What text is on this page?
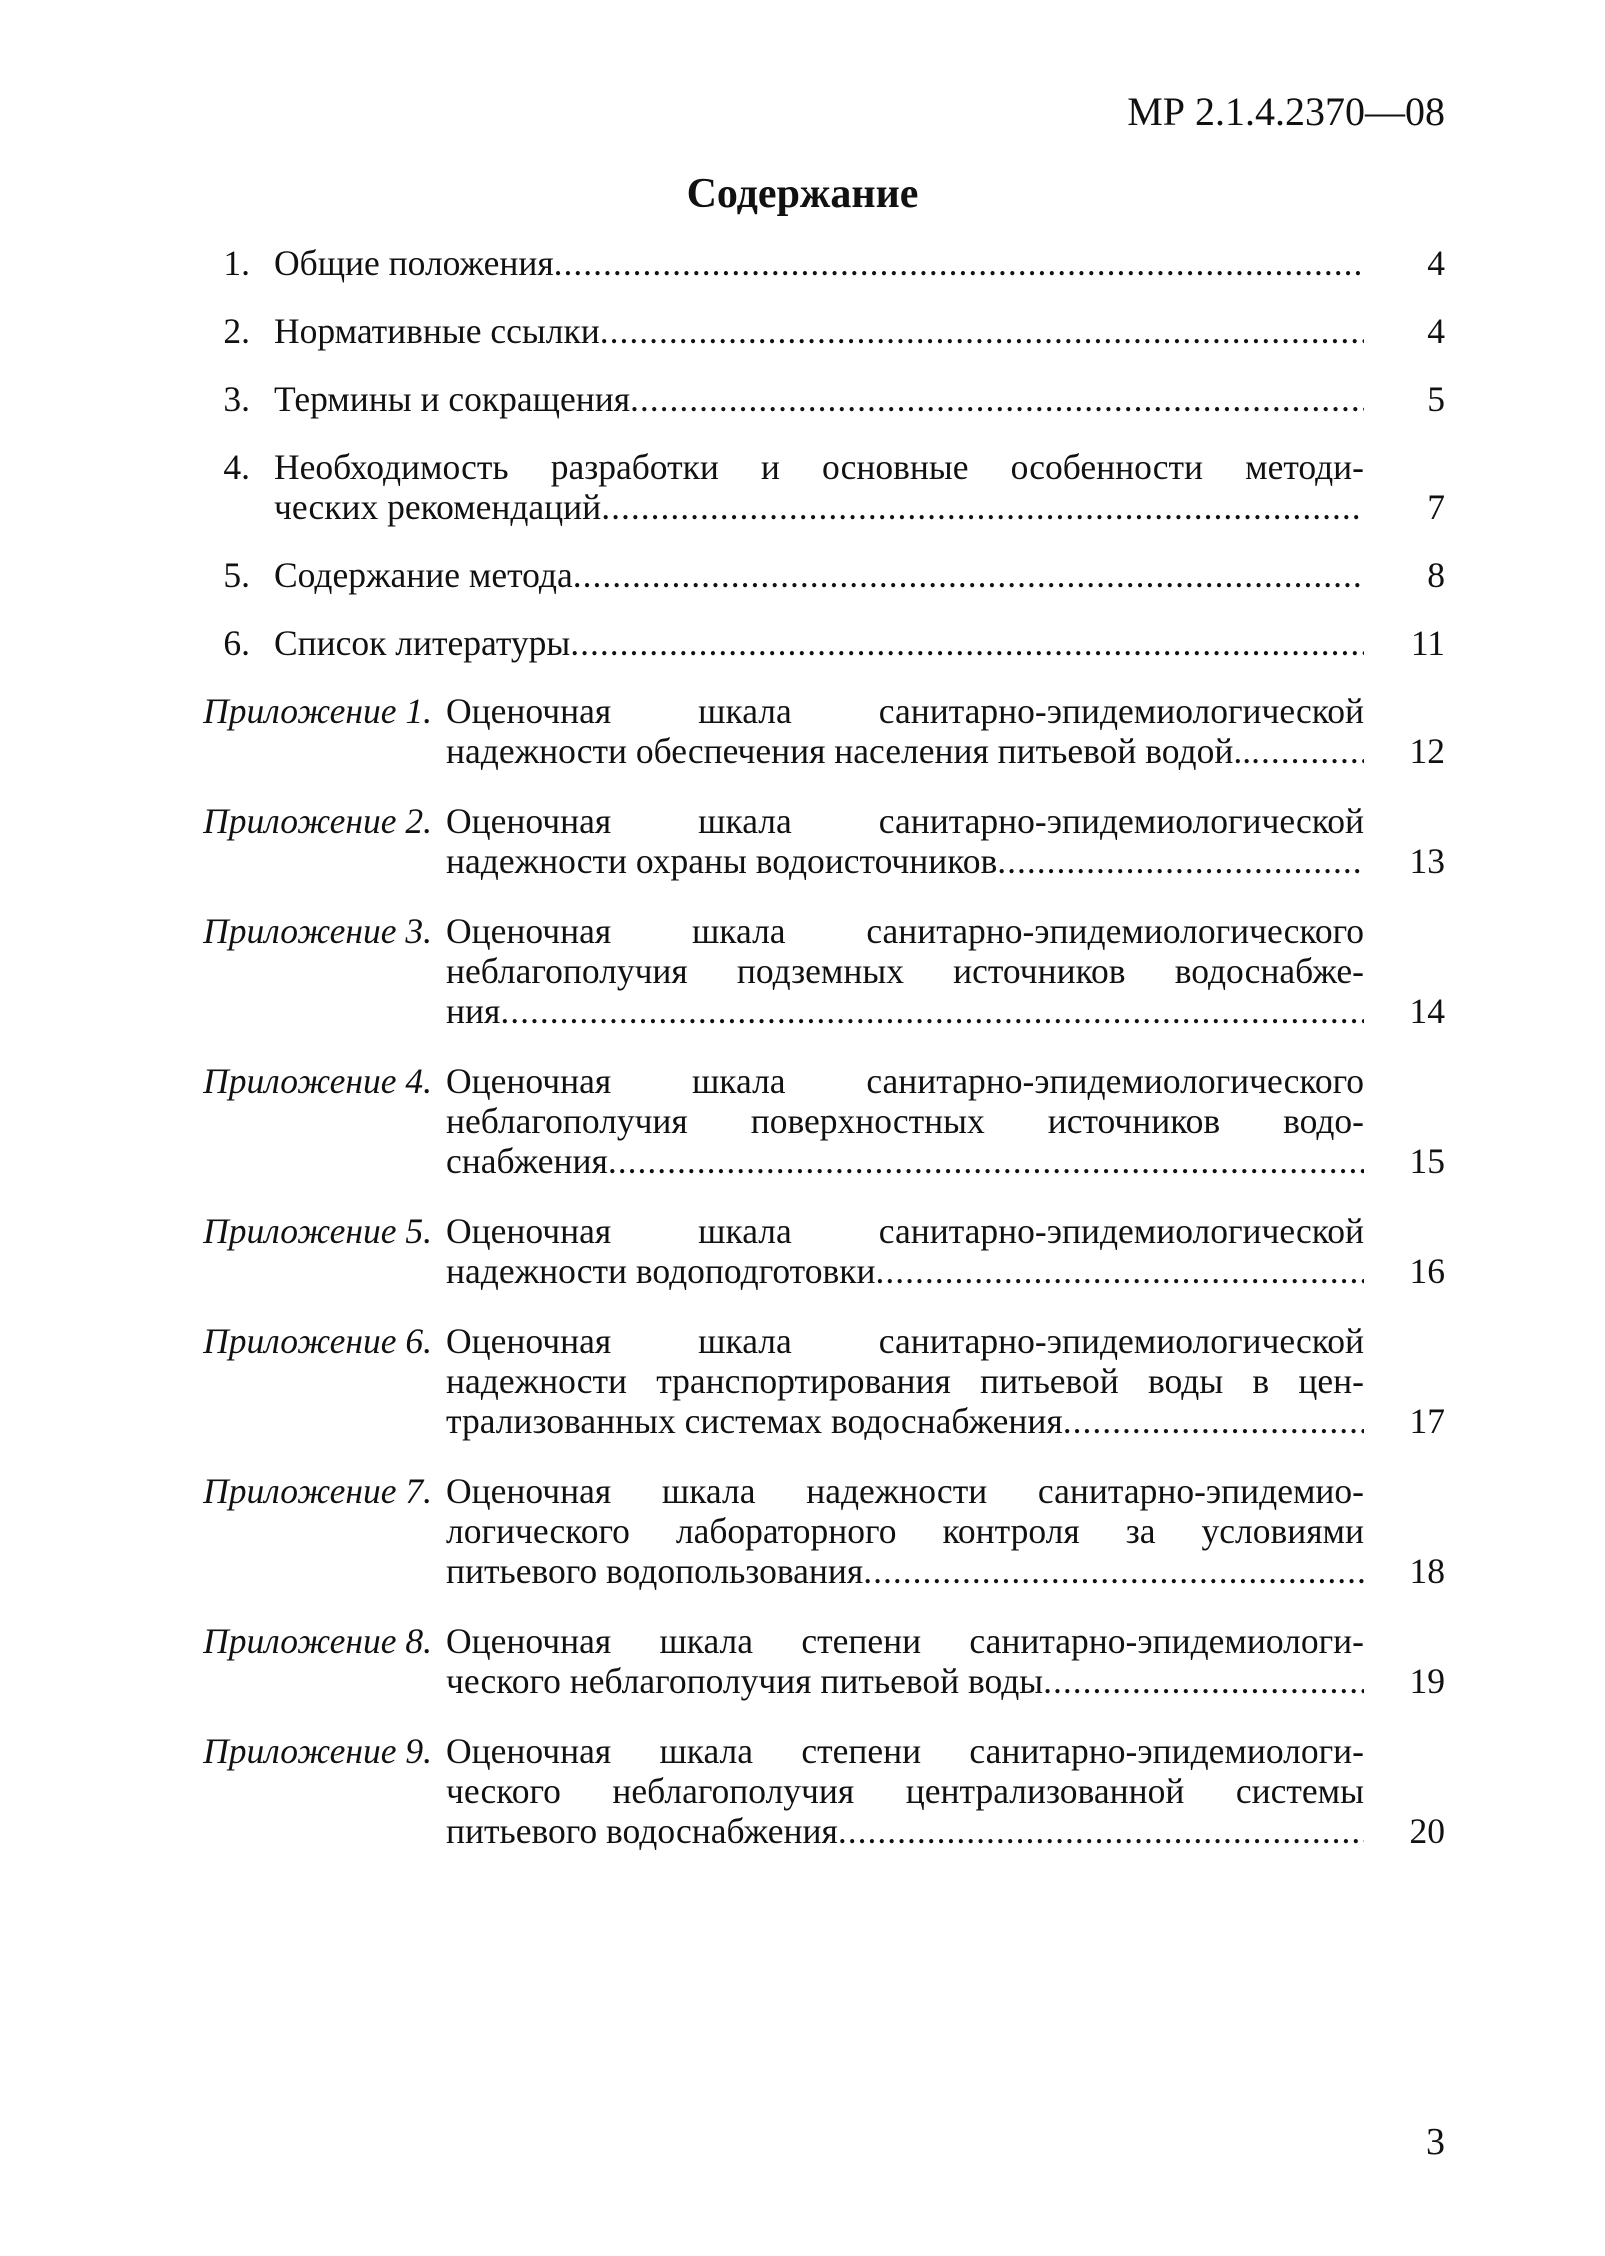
МР 2.1.4.2370—08
Содержание
1. Общие положения .....	4
2. Нормативные ссылки .....	4
3. Термины и сокращения .....	5
4. Необходимость разработки и основные особенности методи-
ческих рекомендаций .....	7
5. Содержание метода .....	8
6. Список литературы .....	11
Приложение 1. Оценочная шкала санитарно-эпидемиологической
надежности обеспечения населения питьевой водой.. .....	12
Приложение 2. Оценочная шкала санитарно-эпидемиологической
надежности охраны водоисточников .....	13
Приложение 3. Оценочная шкала санитарно-эпидемиологического
неблагополучия подземных источников водоснабже-
ния .....	14
Приложение 4. Оценочная шкала санитарно-эпидемиологического
неблагополучия поверхностных источников водо-
снабжения .....	15
Приложение 5. Оценочная шкала санитарно-эпидемиологической
надежности водоподготовки .....	16
Приложение 6. Оценочная шкала санитарно-эпидемиологической
надежности транспортирования питьевой воды в цен-
трализованных системах водоснабжения .....	17
Приложение 7. Оценочная шкала надежности санитарно-эпидемио-
логического лабораторного контроля за условиями
питьевого водопользования .....	18
Приложение 8. Оценочная шкала степени санитарно-эпидемиологи-
ческого неблагополучия питьевой воды .....	19
Приложение 9. Оценочная шкала степени санитарно-эпидемиологи-
ческого неблагополучия централизованной системы
питьевого водоснабжения .....	20
3
